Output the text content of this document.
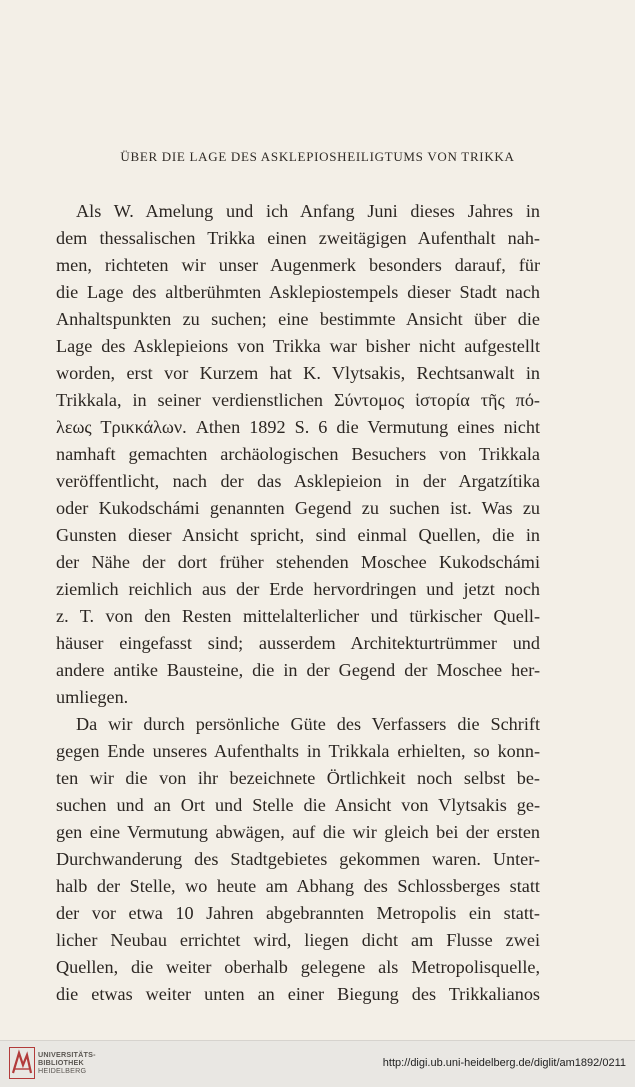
ÜBER DIE LAGE DES ASKLEPIOSHEILIGTUMS VON TRIKKA
Als W. Amelung und ich Anfang Juni dieses Jahres in
dem thessalischen Trikka einen zweitägigen Aufenthalt nah-
men, richteten wir unser Augenmerk besonders darauf, für
die Lage des altberühmten Asklepiostempels dieser Stadt nach
Anhaltspunkten zu suchen; eine bestimmte Ansicht über die
Lage des Asklepieions von Trikka war bisher nicht aufgestellt
worden, erst vor Kurzem hat K. Vlytsakis, Rechtsanwalt in
Trikkala, in seiner verdienstlichen Σύντομος ἱστορία τῆς πό-
λεως Τρικκάλων. Athen 1892 S. 6 die Vermutung eines nicht
namhaft gemachten archäologischen Besuchers von Trikkala
veröffentlicht, nach der das Asklepieion in der Argatzítika
oder Kukodschámi genannten Gegend zu suchen ist. Was zu
Gunsten dieser Ansicht spricht, sind einmal Quellen, die in
der Nähe der dort früher stehenden Moschee Kukodschámi
ziemlich reichlich aus der Erde hervordringen und jetzt noch
z. T. von den Resten mittelalterlicher und türkischer Quell-
häuser eingefasst sind; ausserdem Architekturtrümmer und
andere antike Bausteine, die in der Gegend der Moschee her-
umliegen.
Da wir durch persönliche Güte des Verfassers die Schrift
gegen Ende unseres Aufenthalts in Trikkala erhielten, so konn-
ten wir die von ihr bezeichnete Örtlichkeit noch selbst be-
suchen und an Ort und Stelle die Ansicht von Vlytsakis ge-
gen eine Vermutung abwägen, auf die wir gleich bei der ersten
Durchwanderung des Stadtgebietes gekommen waren. Unter-
halb der Stelle, wo heute am Abhang des Schlossberges statt
der vor etwa 10 Jahren abgebrannten Metropolis ein statt-
licher Neubau errichtet wird, liegen dicht am Flusse zwei
Quellen, die weiter oberhalb gelegene als Metropolisquelle,
die etwas weiter unten an einer Biegung des Trikkalianos
UNIVERSITÄTS-
BIBLIOTHEK
HEIDELBERG
http://digi.ub.uni-heidelberg.de/diglit/am1892/0211
